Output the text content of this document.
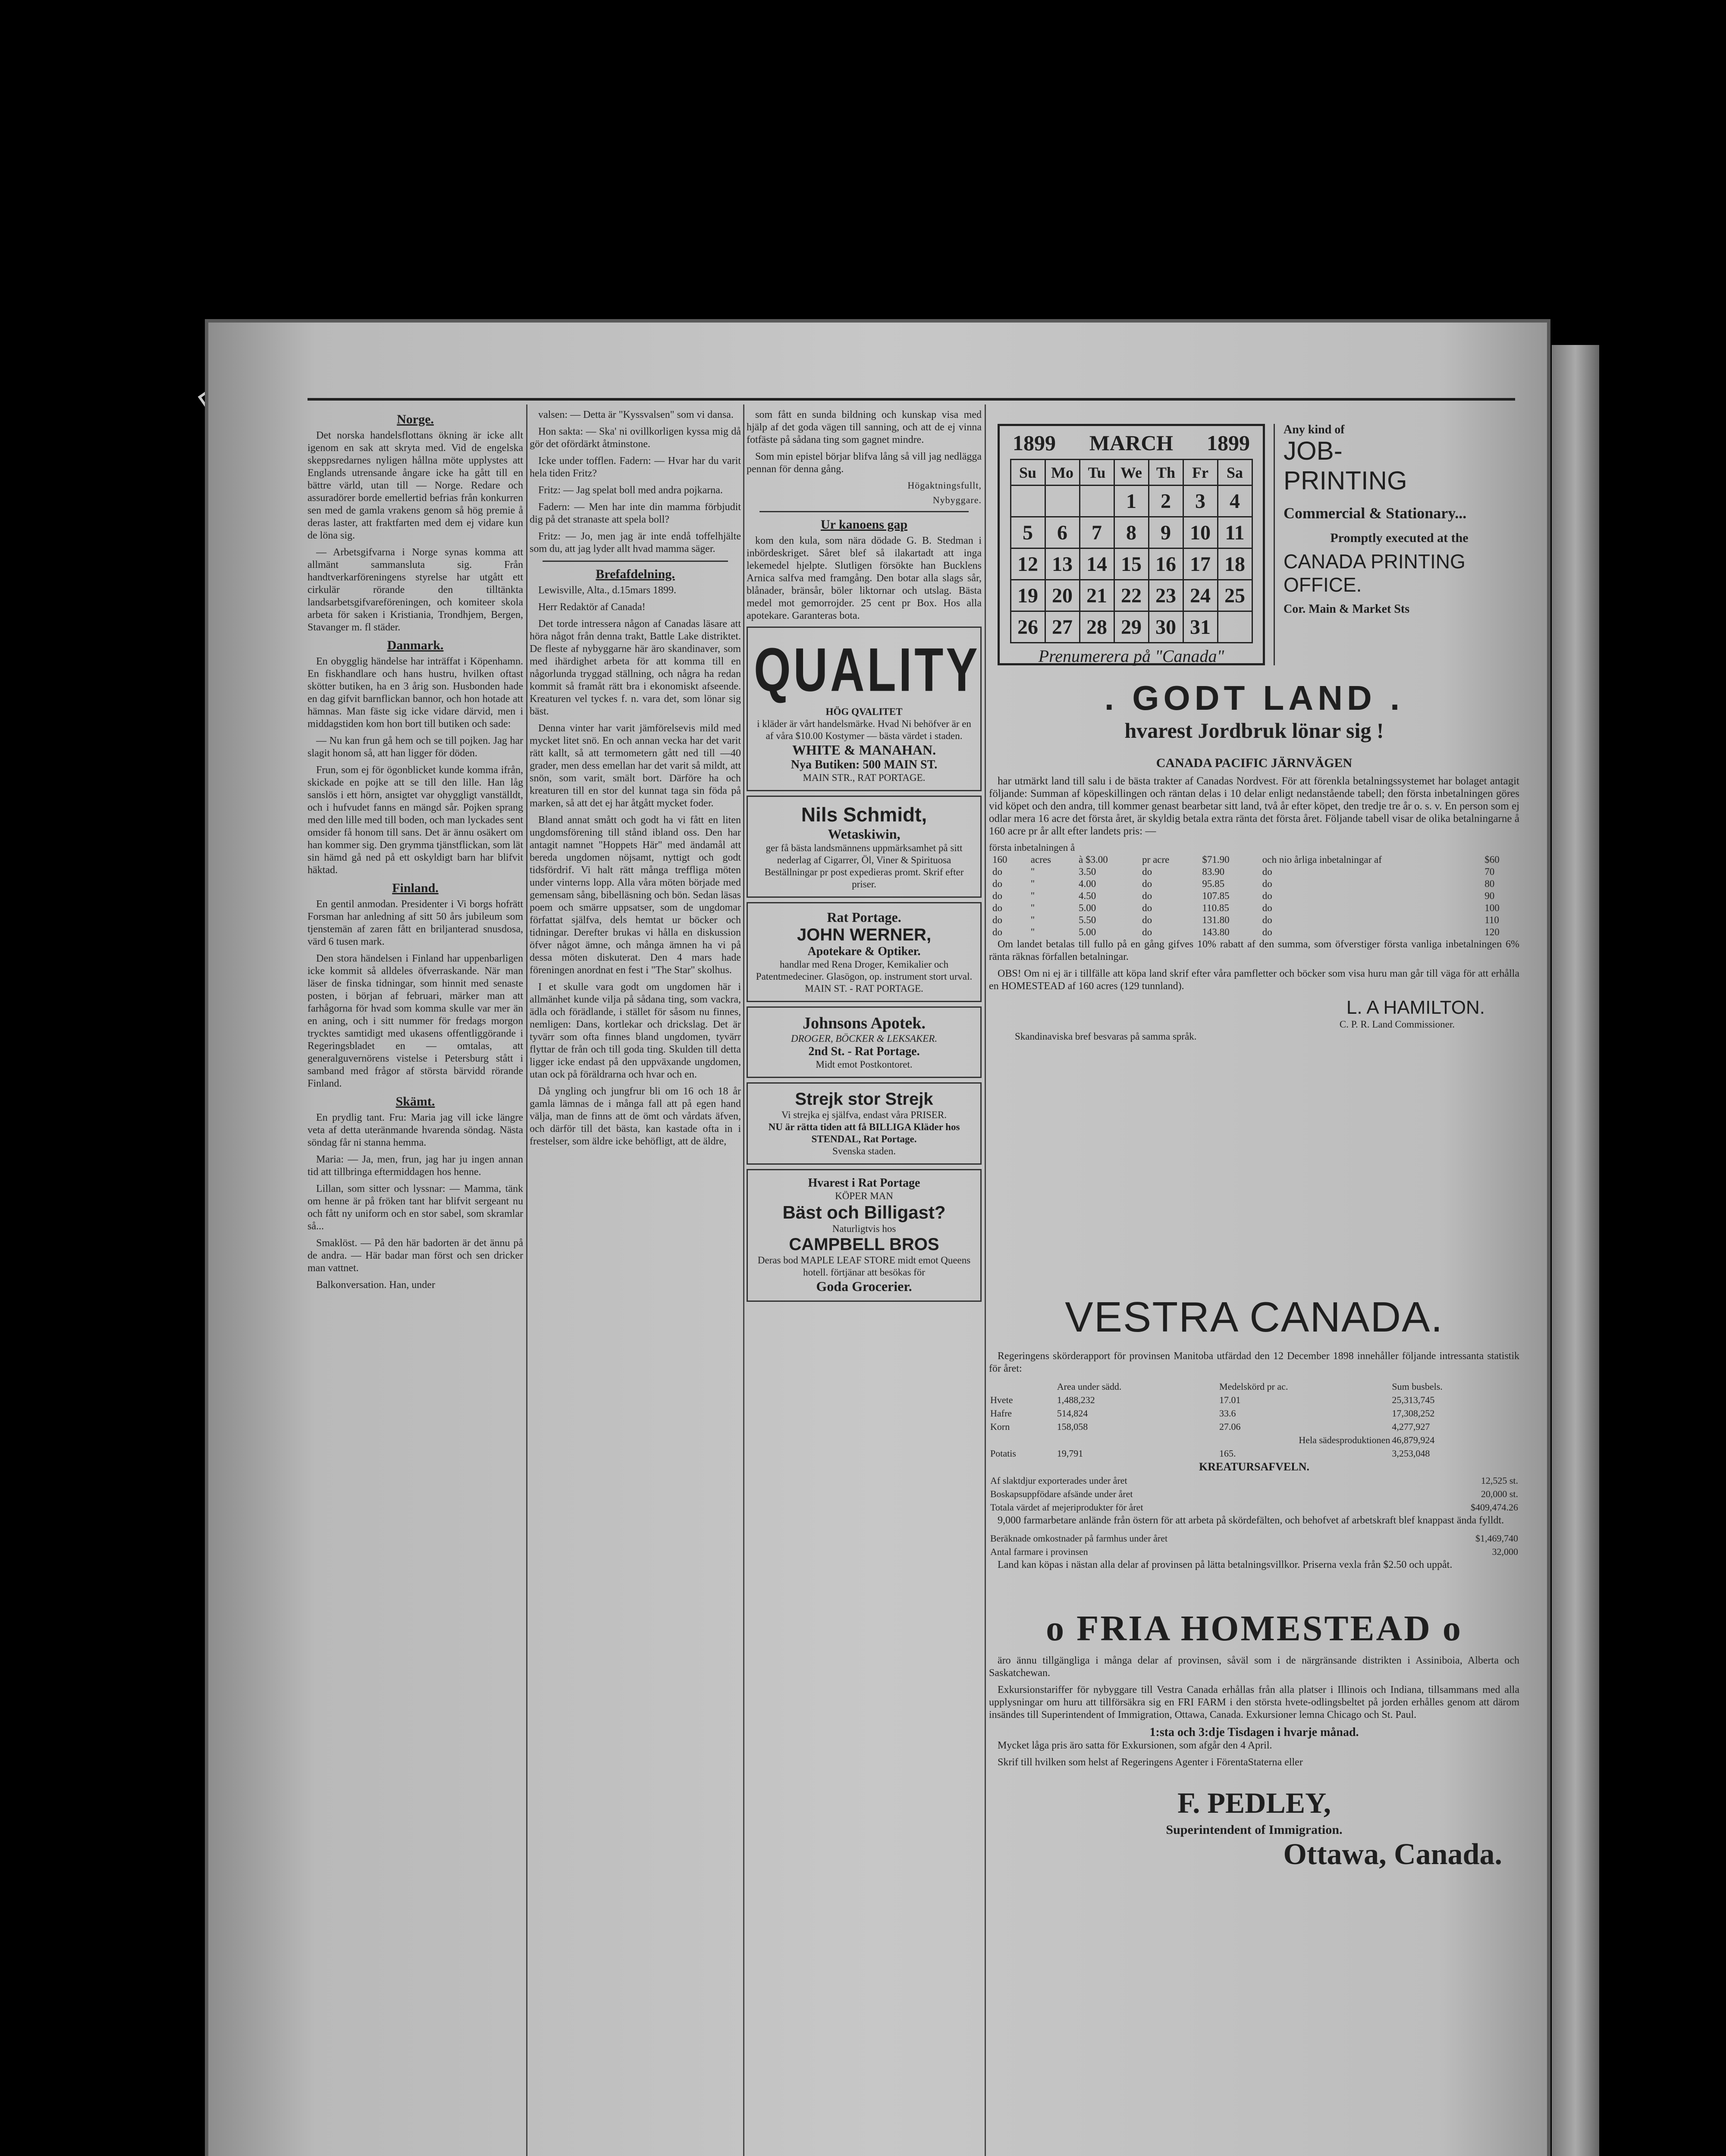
Norge.

Det norska handelsflottans ökning är icke allt igenom en sak att skryta med. Vid de engelska skeppsredarnes nyligen hållna möte upplystes att Englands utrensande ångare icke ha gått till en bättre värld, utan till — Norge. Redare och assuradörer borde emellertid befrias från konkurren sen med de gamla vrakens genom så hög premie å deras laster, att fraktfarten med dem ej vidare kun de löna sig.

— Arbetsgifvarna i Norge synas komma att allmänt sammansluta sig. Från handtverkarföreningens styrelse har utgått ett cirkulär rörande den tilltänkta landsarbetsgifvareföreningen, och komiteer skola arbeta för saken i Kristiania, Trondhjem, Bergen, Stavanger m. fl städer.

Danmark.

En obygglig händelse har inträffat i Köpenhamn. En fiskhandlare och hans hustru, hvilken oftast skötter butiken, ha en 3 årig son. Husbonden hade en dag gifvit barnflickan bannor, och hon hotade att hämnas. Man fäste sig icke vidare därvid, men i middagstiden kom hon bort till butiken och sade:

— Nu kan frun gå hem och se till pojken. Jag har slagit honom så, att han ligger för döden.

Frun, som ej för ögonblicket kunde komma ifrån, skickade en pojke att se till den lille. Han låg sanslös i ett hörn, ansigtet var ohyggligt vanställdt, och i hufvudet fanns en mängd sår. Pojken sprang med den lille med till boden, och man lyckades sent omsider få honom till sans. Det är ännu osäkert om han kommer sig. Den grymma tjänstflickan, som lät sin hämd gå ned på ett oskyldigt barn har blifvit häktad.

Finland.

En gentil anmodan. Presidenter i Vi borgs hofrätt Forsman har anledning af sitt 50 års jubileum som tjenstemän af zaren fått en briljanterad snusdosa, värd 6 tusen mark.

Den stora händelsen i Finland har uppenbarligen icke kommit så alldeles öfverraskande. När man läser de finska tidningar, som hinnit med senaste posten, i början af februari, märker man att farhågorna för hvad som komma skulle var mer än en aning, och i sitt nummer för fredags morgon trycktes samtidigt med ukasens offentliggörande i Regeringsbladet en — omtalas, att generalguvernörens vistelse i Petersburg stått i samband med frågor af största bärvidd rörande Finland.

Skämt.

En prydlig tant. Fru: Maria jag vill icke längre veta af detta uteränmande hvarenda söndag. Nästa söndag får ni stanna hemma.

Maria: — Ja, men, frun, jag har ju ingen annan tid att tillbringa eftermiddagen hos henne.

Lillan, som sitter och lyssnar: — Mamma, tänk om henne är på fröken tant har blifvit sergeant nu och fått ny uniform och en stor sabel, som skramlar så...

Smaklöst. — På den här badorten är det ännu på de andra. — Här badar man först och sen dricker man vattnet.

Balkonversation. Han, under

valsen: — Detta är "Kyssvalsen" som vi dansa.

Hon sakta: — Ska' ni ovillkorligen kyssa mig då gör det ofördärkt åtminstone.

Icke under tofflen. Fadern: — Hvar har du varit hela tiden Fritz?

Fritz: — Jag spelat boll med andra pojkarna.

Fadern: — Men har inte din mamma förbjudit dig på det stranaste att spela boll?

Fritz: — Jo, men jag är inte endå toffelhjälte som du, att jag lyder allt hvad mamma säger.

Brefafdelning.

Lewisville, Alta., d.15mars 1899.

Herr Redaktör af Canada!

Det torde intressera någon af Canadas läsare att höra något från denna trakt, Battle Lake distriktet. De fleste af nybyggarne här äro skandinaver, som med ihärdighet arbeta för att komma till en någorlunda tryggad ställning, och några ha redan kommit så framåt rätt bra i ekonomiskt afseende. Kreaturen vel tyckes f. n. vara det, som lönar sig bäst.

Denna vinter har varit jämförelsevis mild med mycket litet snö. En och annan vecka har det varit rätt kallt, så att termometern gått ned till —40 grader, men dess emellan har det varit så mildt, att snön, som varit, smält bort. Därföre ha och kreaturen till en stor del kunnat taga sin föda på marken, så att det ej har åtgått mycket foder.

Bland annat smått och godt ha vi fått en liten ungdomsförening till stånd ibland oss. Den har antagit namnet "Hoppets Här" med ändamål att bereda ungdomen nöjsamt, nyttigt och godt tidsfördrif. Vi halt rätt många treffliga möten under vinterns lopp. Alla våra möten började med gemensam sång, bibelläsning och bön. Sedan läsas poem och smärre uppsatser, som de ungdomar författat själfva, dels hemtat ur böcker och tidningar. Derefter brukas vi hålla en diskussion öfver något ämne, och många ämnen ha vi på dessa möten diskuterat. Den 4 mars hade föreningen anordnat en fest i "The Star" skolhus.

I et skulle vara godt om ungdomen här i allmänhet kunde vilja på sådana ting, som vackra, ädla och förädlande, i stället för såsom nu finnes, nemligen: Dans, kortlekar och drickslag. Det är tyvärr som ofta finnes bland ungdomen, tyvärr flyttar de från och till goda ting. Skulden till detta ligger icke endast på den uppväxande ungdomen, utan ock på föräldrarna och hvar och en.

Då yngling och jungfrur bli om 16 och 18 år gamla lämnas de i många fall att på egen hand välja, man de finns att de ömt och vårdats äfven, och därför till det bästa, kan kastade ofta in i frestelser, som äldre icke behöfligt, att de äldre,

som fått en sunda bildning och kunskap visa med hjälp af det goda vägen till sanning, och att de ej vinna fotfäste på sådana ting som gagnet mindre.

Som min epistel börjar blifva lång så vill jag nedlägga pennan för denna gång.

Högaktningsfullt,
Nybyggare.
Ur kanoens gap

kom den kula, som nära dödade G. B. Stedman i inbördeskriget. Såret blef så ilakartadt att inga lekemedel hjelpte. Slutligen försökte han Bucklens Arnica salfva med framgång. Den botar alla slags sår, blånader, bränsår, böler liktornar och utslag. Bästa medel mot gemorrojder. 25 cent pr Box. Hos alla apotekare. Garanteras bota.

QUALITY
HÖG QVALITET
i kläder är vårt handelsmärke. Hvad Ni behöfver är en af våra $10.00 Kostymer — bästa värdet i staden.
WHITE & MANAHAN.
Nya Butiken: 500 MAIN ST.
MAIN STR., RAT PORTAGE.
Nils Schmidt,
Wetaskiwin,
ger få bästa landsmännens uppmärksamhet på sitt nederlag af Cigarrer, Öl, Viner & Spirituosa
Beställningar pr post expedieras promt. Skrif efter priser.
Rat Portage.
JOHN WERNER,
Apotekare & Optiker.
handlar med Rena Droger, Kemikalier och Patentmedeciner. Glasögon, op. instrument stort urval.
MAIN ST. - RAT PORTAGE.
Johnsons Apotek.
DROGER, BÖCKER & LEKSAKER.
2nd St. - Rat Portage.
Midt emot Postkontoret.
Strejk stor Strejk
Vi strejka ej själfva, endast våra PRISER.
NU är rätta tiden att få BILLIGA Kläder hos STENDAL, Rat Portage.
Svenska staden.
Hvarest i Rat Portage
KÖPER MAN
Bäst och Billigast?
Naturligtvis hos
CAMPBELL BROS
Deras bod MAPLE LEAF STORE midt emot Queens hotell. förtjänar att besökas för
Goda Grocerier.
1899 MARCH 1899
Su	Mo	Tu	We	Th	Fr	Sa
			1	2	3	4
5	6	7	8	9	10	11
12	13	14	15	16	17	18
19	20	21	22	23	24	25
26	27	28	29	30	31	
Prenumerera på "Canada"
Any kind of
JOB-
PRINTING
Commercial & Stationary...
Promptly executed at the
CANADA PRINTING OFFICE.
Cor. Main & Market Sts
. GODT LAND .
hvarest Jordbruk lönar sig !
CANADA PACIFIC JÄRNVÄGEN

har utmärkt land till salu i de bästa trakter af Canadas Nordvest. För att förenkla betalningssystemet har bolaget antagit följande: Summan af köpeskillingen och räntan delas i 10 delar enligt nedanstående tabell; den första inbetalningen göres vid köpet och den andra, till kommer genast bearbetar sitt land, två år efter köpet, den tredje tre år o. s. v. En person som ej odlar mera 16 acre det första året, är skyldig betala extra ränta det första året. Följande tabell visar de olika betalningarne å 160 acre pr år allt efter landets pris: —

första inbetalningen å
160	acres	à $3.00	pr acre	$71.90	och nio årliga inbetalningar af	$60
do	"	3.50	do	83.90	do	70
do	"	4.00	do	95.85	do	80
do	"	4.50	do	107.85	do	90
do	"	5.00	do	110.85	do	100
do	"	5.50	do	131.80	do	110
do	"	5.00	do	143.80	do	120

Om landet betalas till fullo på en gång gifves 10% rabatt af den summa, som öfverstiger första vanliga inbetalningen 6% ränta räknas förfallen betalningar.

OBS! Om ni ej är i tillfälle att köpa land skrif efter våra pamfletter och böcker som visa huru man går till väga för att erhålla en HOMESTEAD af 160 acres (129 tunnland).

L. A HAMILTON.
C. P. R. Land Commissioner.
Skandinaviska bref besvaras på samma språk.
VESTRA CANADA.

Regeringens skörderapport för provinsen Manitoba utfärdad den 12 December 1898 innehåller följande intressanta statistik för året:

	Area under sädd.	Medelskörd pr ac.	Sum busbels.
Hvete	1,488,232	17.01	25,313,745
Hafre	514,824	33.6	17,308,252
Korn	158,058	27.06	4,277,927
Hela sädesproduktionen			46,879,924
Potatis	19,791	165.	3,253,048
KREATURSAFVELN.
Af slaktdjur exporterades under året	12,525 st.
Boskapsuppfödare afsände under året	20,000 st.
Totala värdet af mejeriprodukter för året	$409,474.26

9,000 farmarbetare anlände från östern för att arbeta på skördefälten, och behofvet af arbetskraft blef knappast ända fylldt.

Beräknade omkostnader på farmhus under året	$1,469,740
Antal farmare i provinsen	32,000

Land kan köpas i nästan alla delar af provinsen på lätta betalningsvillkor. Priserna vexla från $2.50 och uppåt.

o FRIA HOMESTEAD o

äro ännu tillgängliga i många delar af provinsen, såväl som i de närgränsande distrikten i Assiniboia, Alberta och Saskatchewan.

Exkursionstariffer för nybyggare till Vestra Canada erhållas från alla platser i Illinois och Indiana, tillsammans med alla upplysningar om huru att tillförsäkra sig en FRI FARM i den största hvete-odlingsbeltet på jorden erhålles genom att därom insändes till Superintendent of Immigration, Ottawa, Canada. Exkursioner lemna Chicago och St. Paul.

1:sta och 3:dje Tisdagen i hvarje månad.

Mycket låga pris äro satta för Exkursionen, som afgår den 4 April.

Skrif till hvilken som helst af Regeringens Agenter i FörentaStaterna eller

F. PEDLEY,
Superintendent of Immigration.
Ottawa, Canada.
